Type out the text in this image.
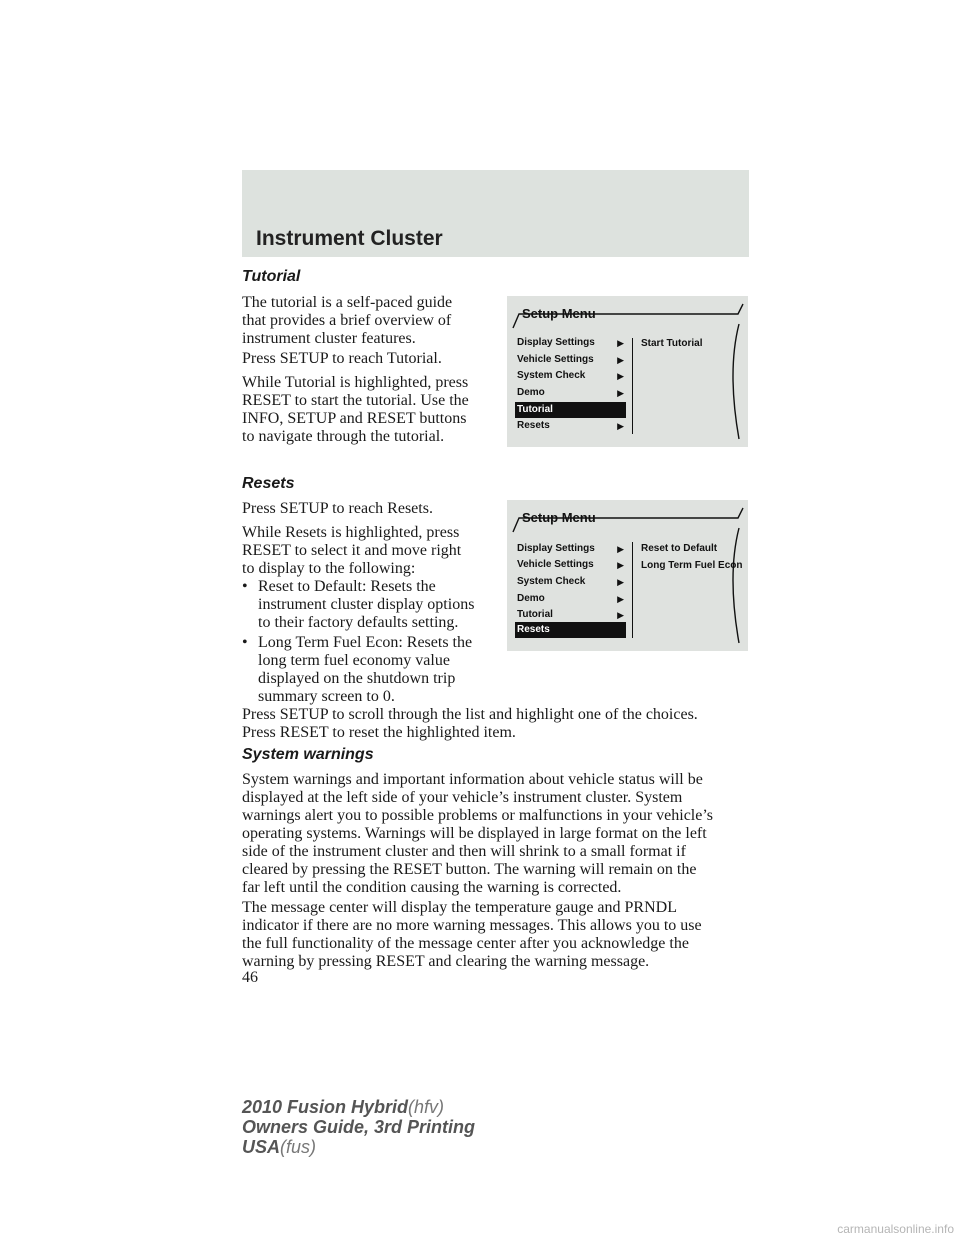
Instrument Cluster
Tutorial
The tutorial is a self-paced guide
that provides a brief overview of
instrument cluster features.
Press SETUP to reach Tutorial.
While Tutorial is highlighted, press
RESET to start the tutorial. Use the
INFO, SETUP and RESET buttons
to navigate through the tutorial.
Setup Menu
Display Settings ▶
Vehicle Settings	▶
System Check	▶
Demo	▶
Tutorial
Resets	▶
Start Tutorial
Resets
Press SETUP to reach Resets.
While Resets is highlighted, press
RESET to select it and move right
to display to the following:
• Reset to Default: Resets the
instrument cluster display options
to their factory defaults setting.
• Long Term Fuel Econ: Resets the
long term fuel economy value
displayed on the shutdown trip
summary screen to 0.
Press SETUP to scroll through the list and highlight one of the choices.
Press RESET to reset the highlighted item.
Setup Menu
Display Settings ▶
Vehicle Settings	▶
System Check	▶
Demo	▶
Tutorial	▶
Resets
Reset to Default
Long Term Fuel Econ
System warnings
System warnings and important information about vehicle status will be
displayed at the left side of your vehicle’s instrument cluster. System
warnings alert you to possible problems or malfunctions in your vehicle’s
operating systems. Warnings will be displayed in large format on the left
side of the instrument cluster and then will shrink to a small format if
cleared by pressing the RESET button. The warning will remain on the
far left until the condition causing the warning is corrected.
The message center will display the temperature gauge and PRNDL
indicator if there are no more warning messages. This allows you to use
the full functionality of the message center after you acknowledge the
warning by pressing RESET and clearing the warning message.
46
2010 Fusion Hybrid(hfv)
Owners Guide, 3rd Printing
USA(fus)
carmanualsonline.info
